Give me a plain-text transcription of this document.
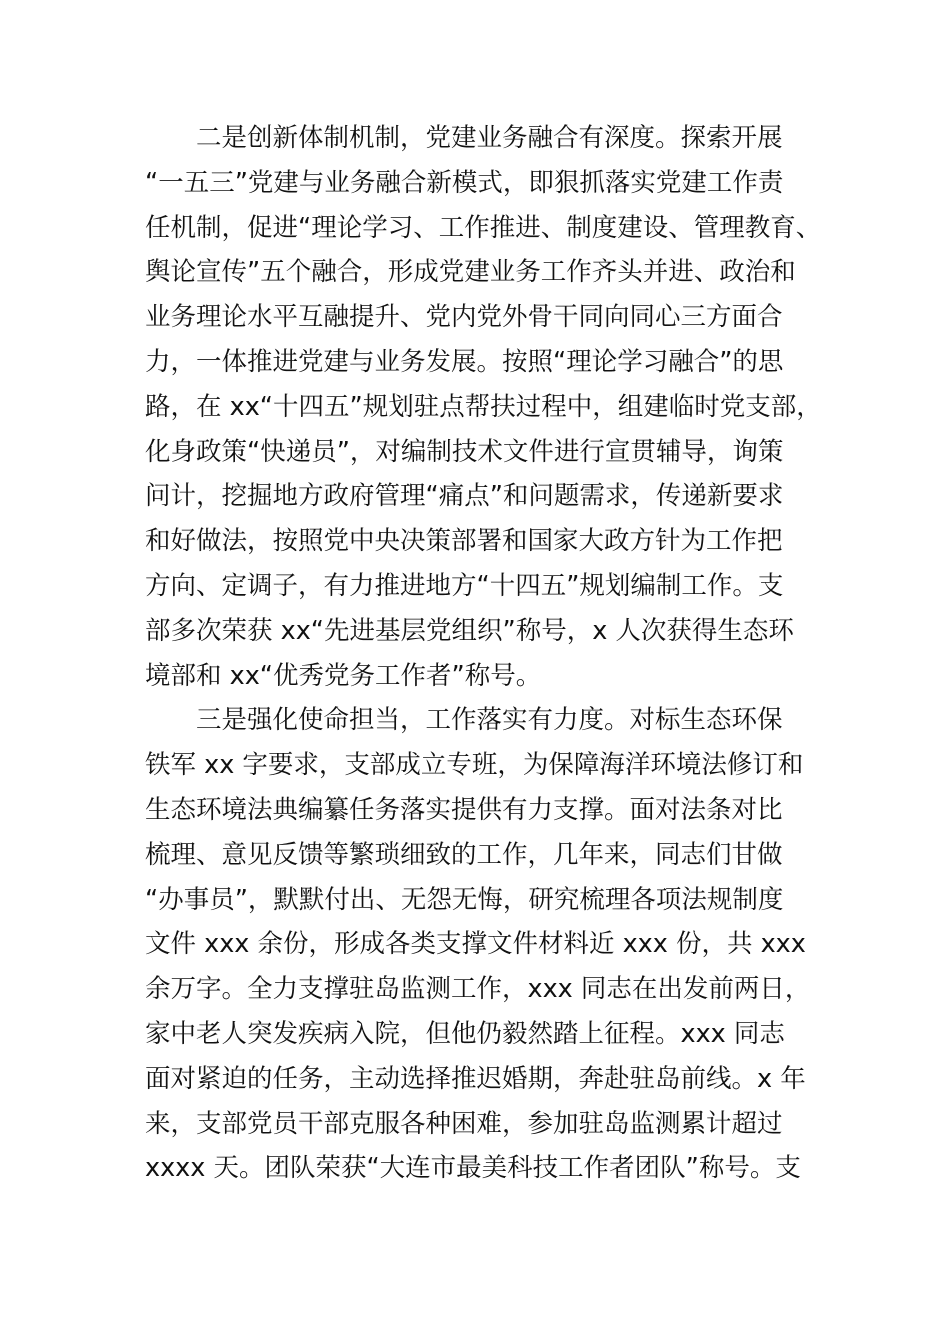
二是创新体制机制，党建业务融合有深度。探索开展
“一五三”党建与业务融合新模式，即狠抓落实党建工作责
任机制，促进“理论学习、工作推进、制度建设、管理教育、
舆论宣传”五个融合，形成党建业务工作齐头并进、政治和
业务理论水平互融提升、党内党外骨干同向同心三方面合
力，一体推进党建与业务发展。按照“理论学习融合”的思
路，在 xx“十四五”规划驻点帮扶过程中，组建临时党支部，
化身政策“快递员”，对编制技术文件进行宣贯辅导，询策
问计，挖掘地方政府管理“痛点”和问题需求，传递新要求
和好做法，按照党中央决策部署和国家大政方针为工作把
方向、定调子，有力推进地方“十四五”规划编制工作。支
部多次荣获 xx“先进基层党组织”称号，x 人次获得生态环
境部和 xx“优秀党务工作者”称号。
三是强化使命担当，工作落实有力度。对标生态环保
铁军 xx 字要求，支部成立专班，为保障海洋环境法修订和
生态环境法典编纂任务落实提供有力支撑。面对法条对比
梳理、意见反馈等繁琐细致的工作，几年来，同志们甘做
“办事员”，默默付出、无怨无悔，研究梳理各项法规制度
文件 xxx 余份，形成各类支撑文件材料近 xxx 份，共 xxx
余万字。全力支撑驻岛监测工作，xxx 同志在出发前两日，
家中老人突发疾病入院，但他仍毅然踏上征程。xxx 同志
面对紧迫的任务，主动选择推迟婚期，奔赴驻岛前线。x 年
来，支部党员干部克服各种困难，参加驻岛监测累计超过
xxxx 天。团队荣获“大连市最美科技工作者团队”称号。支
